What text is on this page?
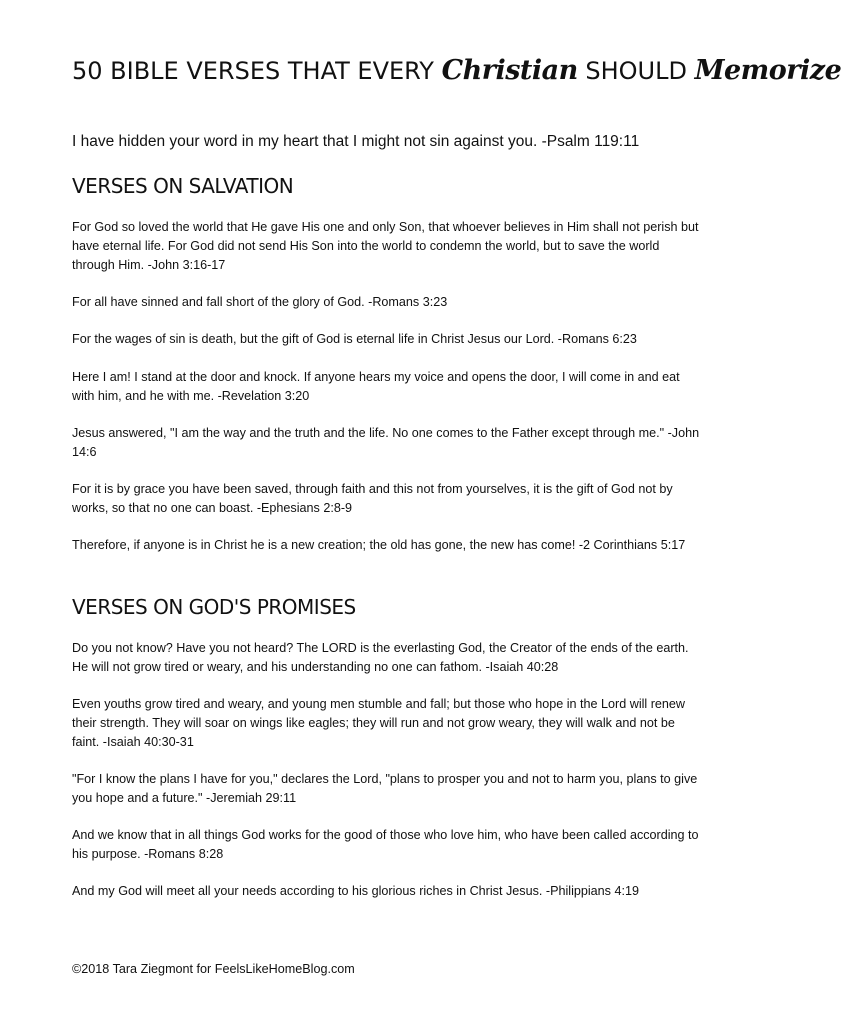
50 BIBLE VERSES THAT EVERY Christian SHOULD Memorize
I have hidden your word in my heart that I might not sin against you. -Psalm 119:11
VERSES ON SALVATION

For God so loved the world that He gave His one and only Son, that whoever believes in Him shall not perish but have eternal life. For God did not send His Son into the world to condemn the world, but to save the world through Him. -John 3:16-17

For all have sinned and fall short of the glory of God. -Romans 3:23

For the wages of sin is death, but the gift of God is eternal life in Christ Jesus our Lord. -Romans 6:23

Here I am! I stand at the door and knock. If anyone hears my voice and opens the door, I will come in and eat with him, and he with me. -Revelation 3:20

Jesus answered, "I am the way and the truth and the life. No one comes to the Father except through me." -John 14:6

For it is by grace you have been saved, through faith and this not from yourselves, it is the gift of God not by works, so that no one can boast. -Ephesians 2:8-9

Therefore, if anyone is in Christ he is a new creation; the old has gone, the new has come! -2 Corinthians 5:17

VERSES ON GOD'S PROMISES

Do you not know? Have you not heard? The LORD is the everlasting God, the Creator of the ends of the earth. He will not grow tired or weary, and his understanding no one can fathom. -Isaiah 40:28

Even youths grow tired and weary, and young men stumble and fall; but those who hope in the Lord will renew their strength. They will soar on wings like eagles; they will run and not grow weary, they will walk and not be faint. -Isaiah 40:30-31

"For I know the plans I have for you," declares the Lord, "plans to prosper you and not to harm you, plans to give you hope and a future." -Jeremiah 29:11

And we know that in all things God works for the good of those who love him, who have been called according to his purpose. -Romans 8:28

And my God will meet all your needs according to his glorious riches in Christ Jesus. -Philippians 4:19

©2018 Tara Ziegmont for FeelsLikeHomeBlog.com
